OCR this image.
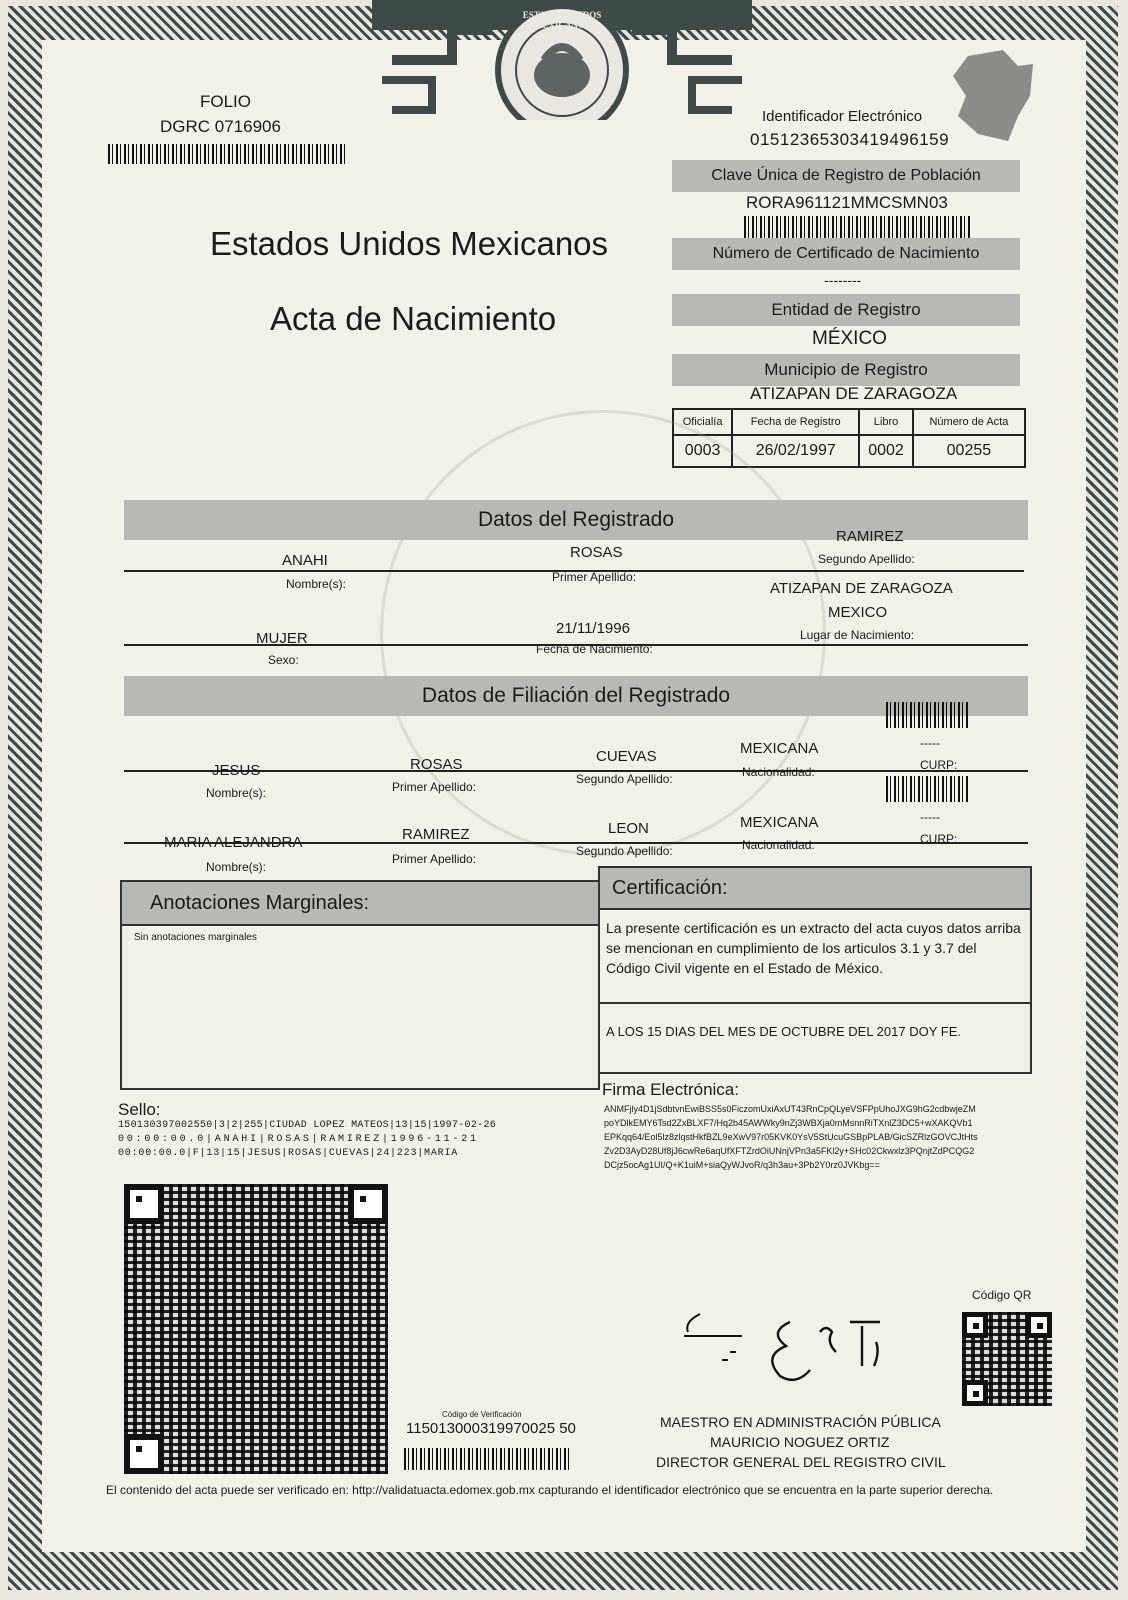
ESTADOS UNIDOS MEXICANOS
FOLIO
DGRC 0716906
Identificador Electrónico
01512365303419496159
Estados Unidos Mexicanos
Acta de Nacimiento
Clave Única de Registro de Población
RORA961121MMCSMN03
Número de Certificado de Nacimiento
--------
Entidad de Registro
MÉXICO
Municipio de Registro
ATIZAPAN DE ZARAGOZA
Oficialía	Fecha de Registro	Libro	Número de Acta
0003	26/02/1997	0002	00255
Datos del Registrado
ANAHI
Nombre(s):
ROSAS
Primer Apellido:
RAMIREZ
Segundo Apellido:
MUJER
Sexo:
21/11/1996
Fecha de Nacimiento:
ATIZAPAN DE ZARAGOZA
MEXICO
Lugar de Nacimiento:
Datos de Filiación del Registrado
JESUS
Nombre(s):
ROSAS
Primer Apellido:
CUEVAS
Segundo Apellido:
MEXICANA
Nacionalidad:
-----
CURP:
MARIA ALEJANDRA
Nombre(s):
RAMIREZ
Primer Apellido:
LEON
Segundo Apellido:
MEXICANA
Nacionalidad:
-----
CURP:
Anotaciones Marginales:
Sin anotaciones marginales
Certificación:
La presente certificación es un extracto del acta cuyos datos arriba se mencionan en cumplimiento de los articulos 3.1 y 3.7 del Código Civil vigente en el Estado de México.
A LOS 15 DIAS DEL MES DE OCTUBRE DEL 2017 DOY FE.
Sello:
150130397002550|3|2|255|CIUDAD LOPEZ MATEOS|13|15|1997-02-26
00:00:00.0|ANAHI|ROSAS|RAMIREZ|1996-11-21
00:00:00.0|F|13|15|JESUS|ROSAS|CUEVAS|24|223|MARIA
Firma Electrónica:
ANMFjly4D1jSdbtvnEwiBSS5s0FiczomUxiAxUT43RnCpQLyeVSFPpUhoJXG9hG2cdbwjeZM
poYDlkEMY6Tsd2ZxBLXF7/Hq2b45AWWky9nZj3WBXja0mMsnnRiTXnlZ3DC5+wXAKQVb1
EPKqq64/Eol5lz8zlqstHkfBZL9eXwV97r05KVK0YsV5StUcuGSBpPLAB/GicSZRlzGOVCJtHts
Zv2D3AyD28Uf8jJ6cwRe6aqUfXFTZrdOiUNnjVPn3a5FKl2y+SHc02Ckwxlz3PQnjtZdPCQG2
DCjz5ocAg1UI/Q+K1uiM+siaQyWJvoR/q3h3au+3Pb2Y0rz0JVKbg==
Código de Verificación
115013000319970025 50	MAESTRO EN ADMINISTRACIÓN PÚBLICA
MAURICIO NOGUEZ ORTIZ
DIRECTOR GENERAL DEL REGISTRO CIVIL
Código QR
El contenido del acta puede ser verificado en: http://validatuacta.edomex.gob.mx capturando el identificador electrónico que se encuentra en la parte superior derecha.
